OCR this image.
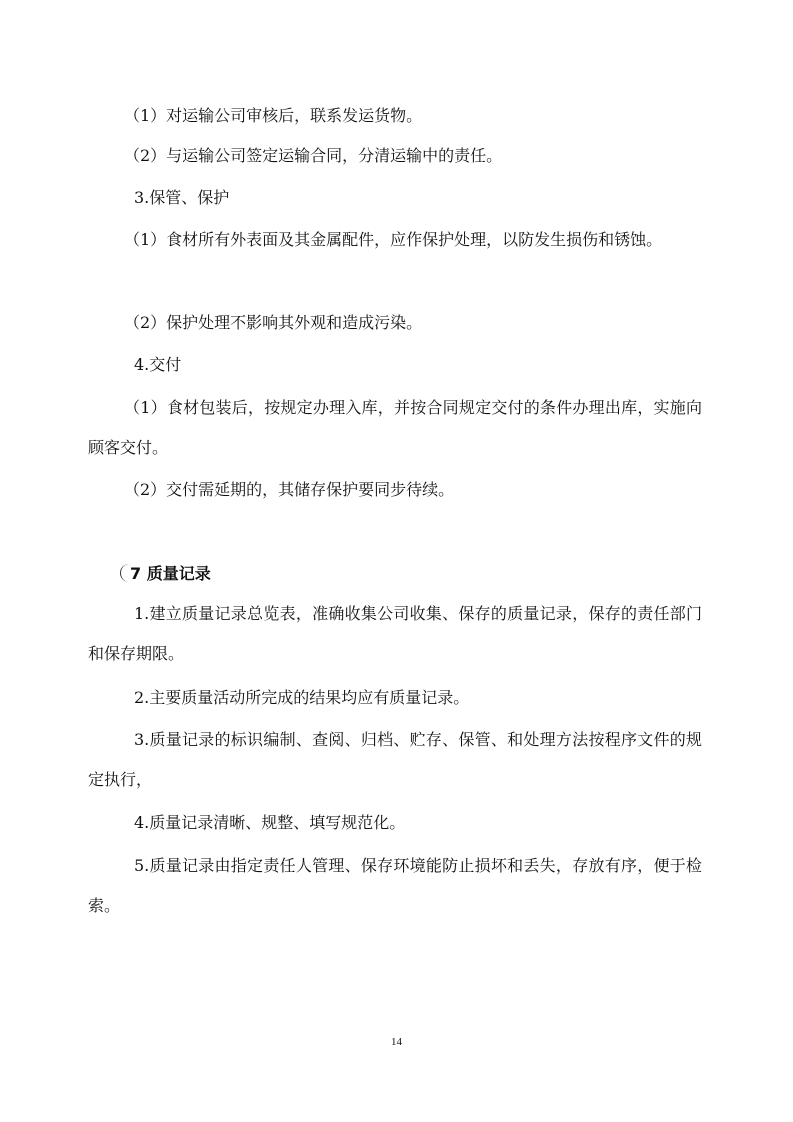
（1）对运输公司审核后，联系发运货物。

（2）与运输公司签定运输合同，分清运输中的责任。

3.保管、保护

（1）食材所有外表面及其金属配件，应作保护处理，以防发生损伤和锈蚀。

（2）保护处理不影响其外观和造成污染。

4.交付

（1）食材包装后，按规定办理入库，并按合同规定交付的条件办理出库，实施向顾客交付。

（2）交付需延期的，其储存保护要同步待续。

7 质量记录

1.建立质量记录总览表，准确收集公司收集、保存的质量记录，保存的责任部门和保存期限。

2.主要质量活动所完成的结果均应有质量记录。

3.质量记录的标识编制、查阅、归档、贮存、保管、和处理方法按程序文件的规定执行，

4.质量记录清晰、规整、填写规范化。

5.质量记录由指定责任人管理、保存环境能防止损坏和丢失，存放有序，便于检索。

14
